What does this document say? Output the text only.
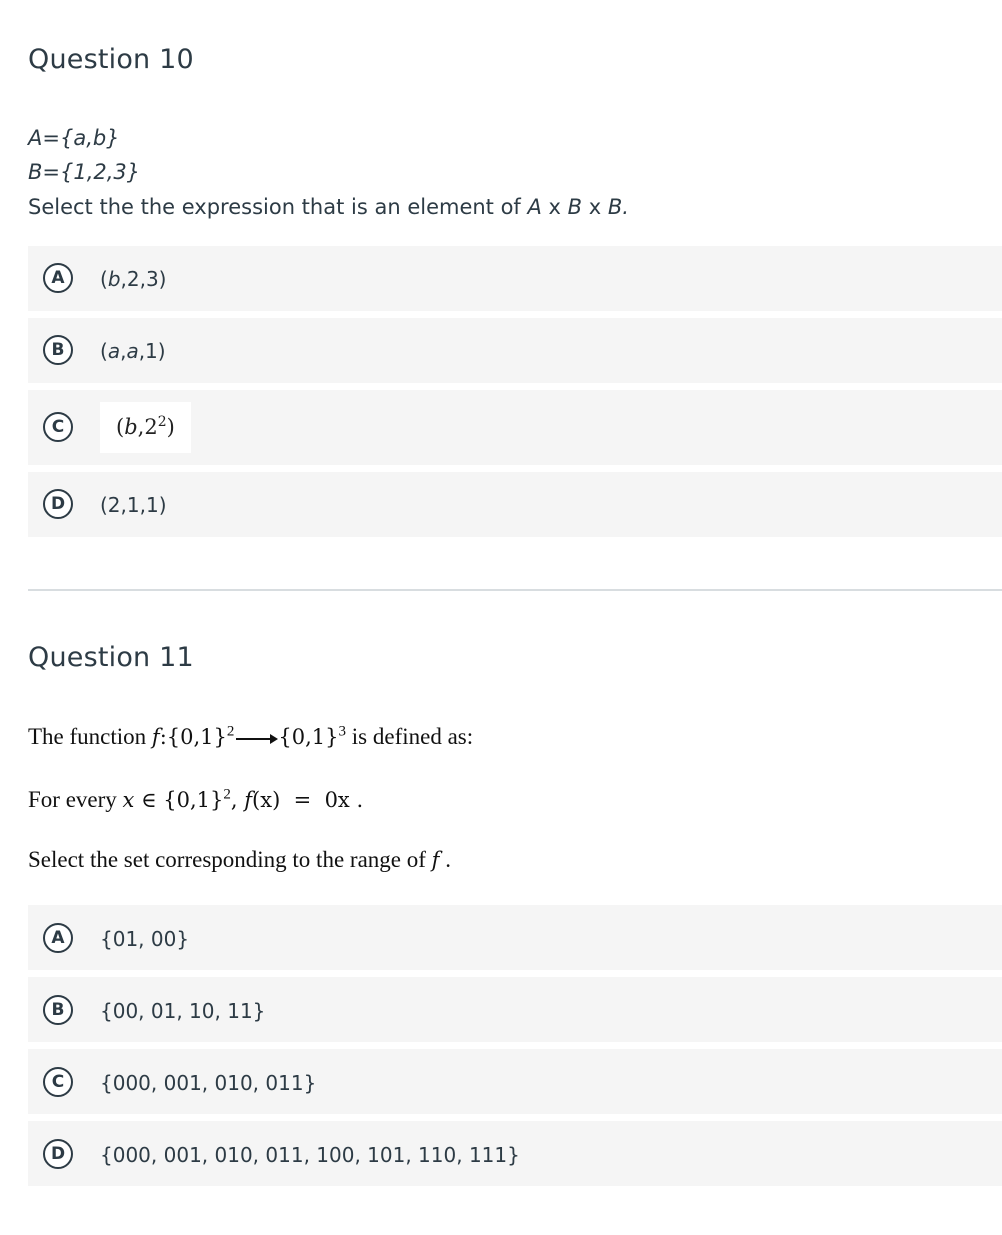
Question 10
A={a,b}
B={1,2,3}
Select the the expression that is an element of A x B x B.
A	(b,2,3)
B	(a,a,1)
C	$(b,2^2)$
D	(2,1,1)
Question 11
The function $f:\{0,1\}^2$ $\{0,1\}^3$ is defined as:
For every x ∈ $\{0,1\}^2$, f(x)  =  0x .
Select the set corresponding to the range of f .
A	{01, 00}
B	{00, 01, 10, 11}
C	{000, 001, 010, 011}
D	{000, 001, 010, 011, 100, 101, 110, 111}
